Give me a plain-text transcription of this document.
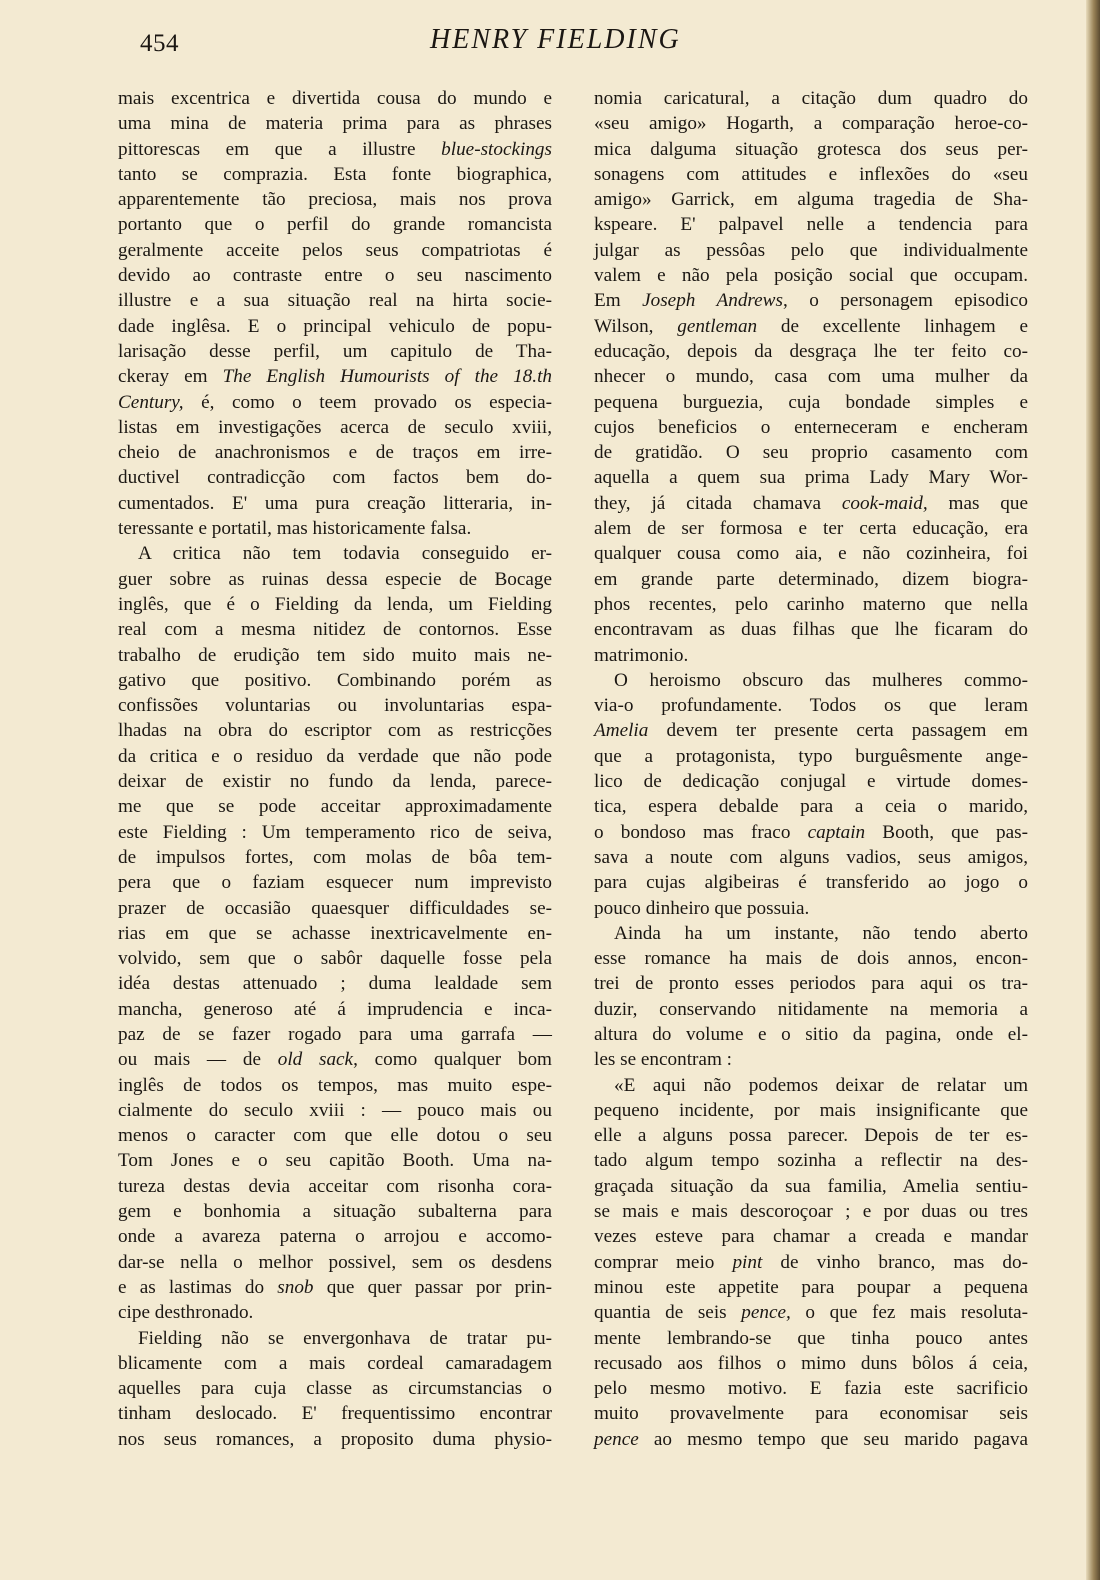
454	HENRY FIELDING
mais excentrica e divertida cousa do mundo e
uma mina de materia prima para as phrases
pittorescas em que a illustre blue-stockings
tanto se comprazia. Esta fonte biographica,
apparentemente tão preciosa, mais nos prova
portanto que o perfil do grande romancista
geralmente acceite pelos seus compatriotas é
devido ao contraste entre o seu nascimento
illustre e a sua situação real na hirta socie-
dade inglêsa. E o principal vehiculo de popu-
larisação desse perfil, um capitulo de Tha-
ckeray em The English Humourists of the 18.th
Century, é, como o teem provado os especia-
listas em investigações acerca de seculo xviii,
cheio de anachronismos e de traços em irre-
ductivel contradicção com factos bem do-
cumentados. E' uma pura creação litteraria, in-
teressante e portatil, mas historicamente falsa.
A critica não tem todavia conseguido er-
guer sobre as ruinas dessa especie de Bocage
inglês, que é o Fielding da lenda, um Fielding
real com a mesma nitidez de contornos. Esse
trabalho de erudição tem sido muito mais ne-
gativo que positivo. Combinando porém as
confissões voluntarias ou involuntarias espa-
lhadas na obra do escriptor com as restricções
da critica e o residuo da verdade que não pode
deixar de existir no fundo da lenda, parece-
me que se pode acceitar approximadamente
este Fielding : Um temperamento rico de seiva,
de impulsos fortes, com molas de bôa tem-
pera que o faziam esquecer num imprevisto
prazer de occasião quaesquer difficuldades se-
rias em que se achasse inextricavelmente en-
volvido, sem que o sabôr daquelle fosse pela
idéa destas attenuado ; duma lealdade sem
mancha, generoso até á imprudencia e inca-
paz de se fazer rogado para uma garrafa —
ou mais — de old sack, como qualquer bom
inglês de todos os tempos, mas muito espe-
cialmente do seculo xviii : — pouco mais ou
menos o caracter com que elle dotou o seu
Tom Jones e o seu capitão Booth. Uma na-
tureza destas devia acceitar com risonha cora-
gem e bonhomia a situação subalterna para
onde a avareza paterna o arrojou e accomo-
dar-se nella o melhor possivel, sem os desdens
e as lastimas do snob que quer passar por prin-
cipe desthronado.
Fielding não se envergonhava de tratar pu-
blicamente com a mais cordeal camaradagem
aquelles para cuja classe as circumstancias o
tinham deslocado. E' frequentissimo encontrar
nos seus romances, a proposito duma physio-
nomia caricatural, a citação dum quadro do
«seu amigo» Hogarth, a comparação heroe-co-
mica dalguma situação grotesca dos seus per-
sonagens com attitudes e inflexões do «seu
amigo» Garrick, em alguma tragedia de Sha-
kspeare. E' palpavel nelle a tendencia para
julgar as pessôas pelo que individualmente
valem e não pela posição social que occupam.
Em Joseph Andrews, o personagem episodico
Wilson, gentleman de excellente linhagem e
educação, depois da desgraça lhe ter feito co-
nhecer o mundo, casa com uma mulher da
pequena burguezia, cuja bondade simples e
cujos beneficios o enterneceram e encheram
de gratidão. O seu proprio casamento com
aquella a quem sua prima Lady Mary Wor-
they, já citada chamava cook-maid, mas que
alem de ser formosa e ter certa educação, era
qualquer cousa como aia, e não cozinheira, foi
em grande parte determinado, dizem biogra-
phos recentes, pelo carinho materno que nella
encontravam as duas filhas que lhe ficaram do
matrimonio.
O heroismo obscuro das mulheres commo-
via-o profundamente. Todos os que leram
Amelia devem ter presente certa passagem em
que a protagonista, typo burguêsmente ange-
lico de dedicação conjugal e virtude domes-
tica, espera debalde para a ceia o marido,
o bondoso mas fraco captain Booth, que pas-
sava a noute com alguns vadios, seus amigos,
para cujas algibeiras é transferido ao jogo o
pouco dinheiro que possuia.
Ainda ha um instante, não tendo aberto
esse romance ha mais de dois annos, encon-
trei de pronto esses periodos para aqui os tra-
duzir, conservando nitidamente na memoria a
altura do volume e o sitio da pagina, onde el-
les se encontram :
«E aqui não podemos deixar de relatar um
pequeno incidente, por mais insignificante que
elle a alguns possa parecer. Depois de ter es-
tado algum tempo sozinha a reflectir na des-
graçada situação da sua familia, Amelia sentiu-
se mais e mais descoroçoar ; e por duas ou tres
vezes esteve para chamar a creada e mandar
comprar meio pint de vinho branco, mas do-
minou este appetite para poupar a pequena
quantia de seis pence, o que fez mais resoluta-
mente lembrando-se que tinha pouco antes
recusado aos filhos o mimo duns bôlos á ceia,
pelo mesmo motivo. E fazia este sacrificio
muito provavelmente para economisar seis
pence ao mesmo tempo que seu marido pagava
